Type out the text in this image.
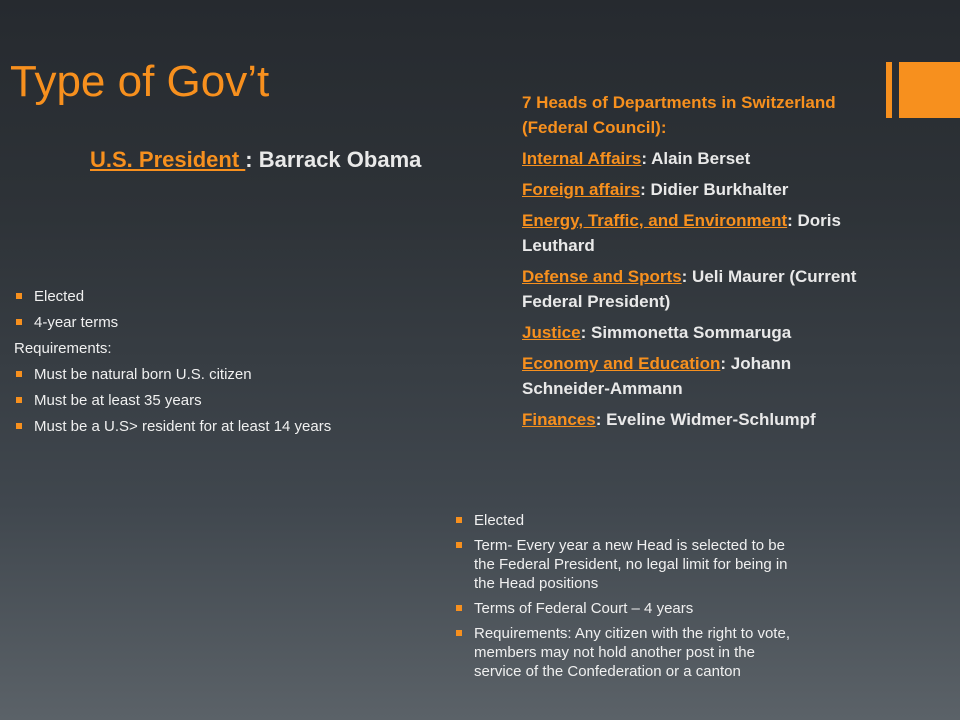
Type of Gov’t
U.S. President : Barrack Obama
Elected
4-year terms
Requirements:
Must be natural born U.S. citizen
Must be at least 35 years
Must be a U.S> resident for at least 14 years
7 Heads of Departments in Switzerland (Federal Council):
Internal Affairs: Alain Berset
Foreign affairs: Didier Burkhalter
Energy, Traffic, and Environment: Doris Leuthard
Defense and Sports: Ueli Maurer (Current Federal President)
Justice: Simmonetta Sommaruga
Economy and Education: Johann Schneider-Ammann
Finances: Eveline Widmer-Schlumpf
Elected
Term- Every year a new Head is selected to be the Federal President, no legal limit for being in the Head positions
Terms of Federal Court – 4 years
Requirements: Any citizen with the right to vote, members may not hold another post in the service of the Confederation or a canton
